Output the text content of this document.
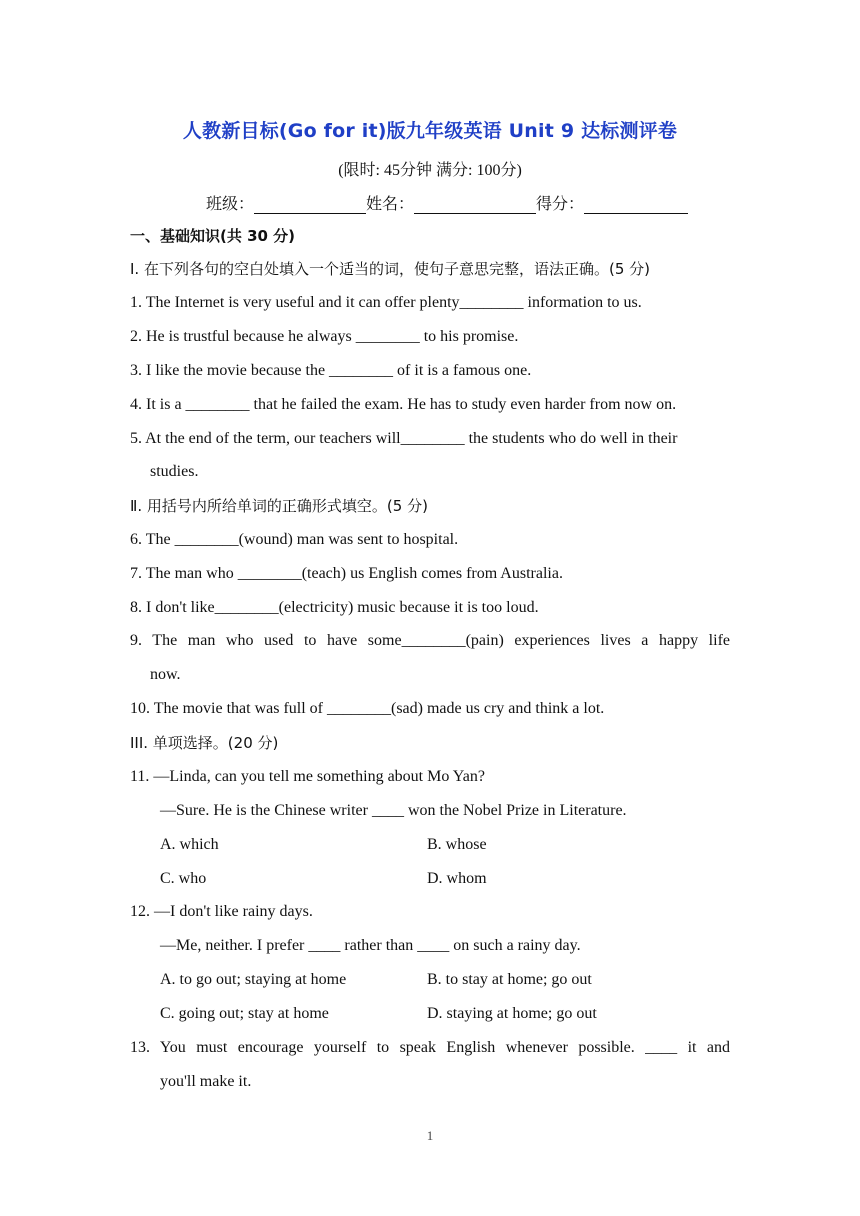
人教新目标(Go for it)版九年级英语 Unit 9 达标测评卷
(限时: 45分钟 满分: 100分)
班级：	姓名：	得分：
一、基础知识(共 30 分)
I. 在下列各句的空白处填入一个适当的词，使句子意思完整，语法正确。(5 分)
1. The Internet is very useful and it can offer plenty________ information to us.
2. He is trustful because he always ________ to his promise.
3. I like the movie because the ________ of it is a famous one.
4. It is a ________ that he failed the exam. He has to study even harder from now on.
5. At the end of the term, our teachers will________ the students who do well in their
studies.
Ⅱ. 用括号内所给单词的正确形式填空。(5 分)
6. The ________(wound) man was sent to hospital.
7. The man who ________(teach) us English comes from Australia.
8. I don't like________(electricity) music because it is too loud.
9. The man who used to have some________(pain) experiences lives a happy life
now.
10. The movie that was full of ________(sad) made us cry and think a lot.
III. 单项选择。(20 分)
11. —Linda, can you tell me something about Mo Yan?
—Sure. He is the Chinese writer ____ won the Nobel Prize in Literature.
A. which	B. whose
C. who	D. whom
12. —I don't like rainy days.
—Me, neither. I prefer ____ rather than ____ on such a rainy day.
A. to go out; staying at home	B. to stay at home; go out
C. going out; stay at home	D. staying at home; go out
13. You must encourage yourself to speak English whenever possible. ____ it and
you'll make it.
1
